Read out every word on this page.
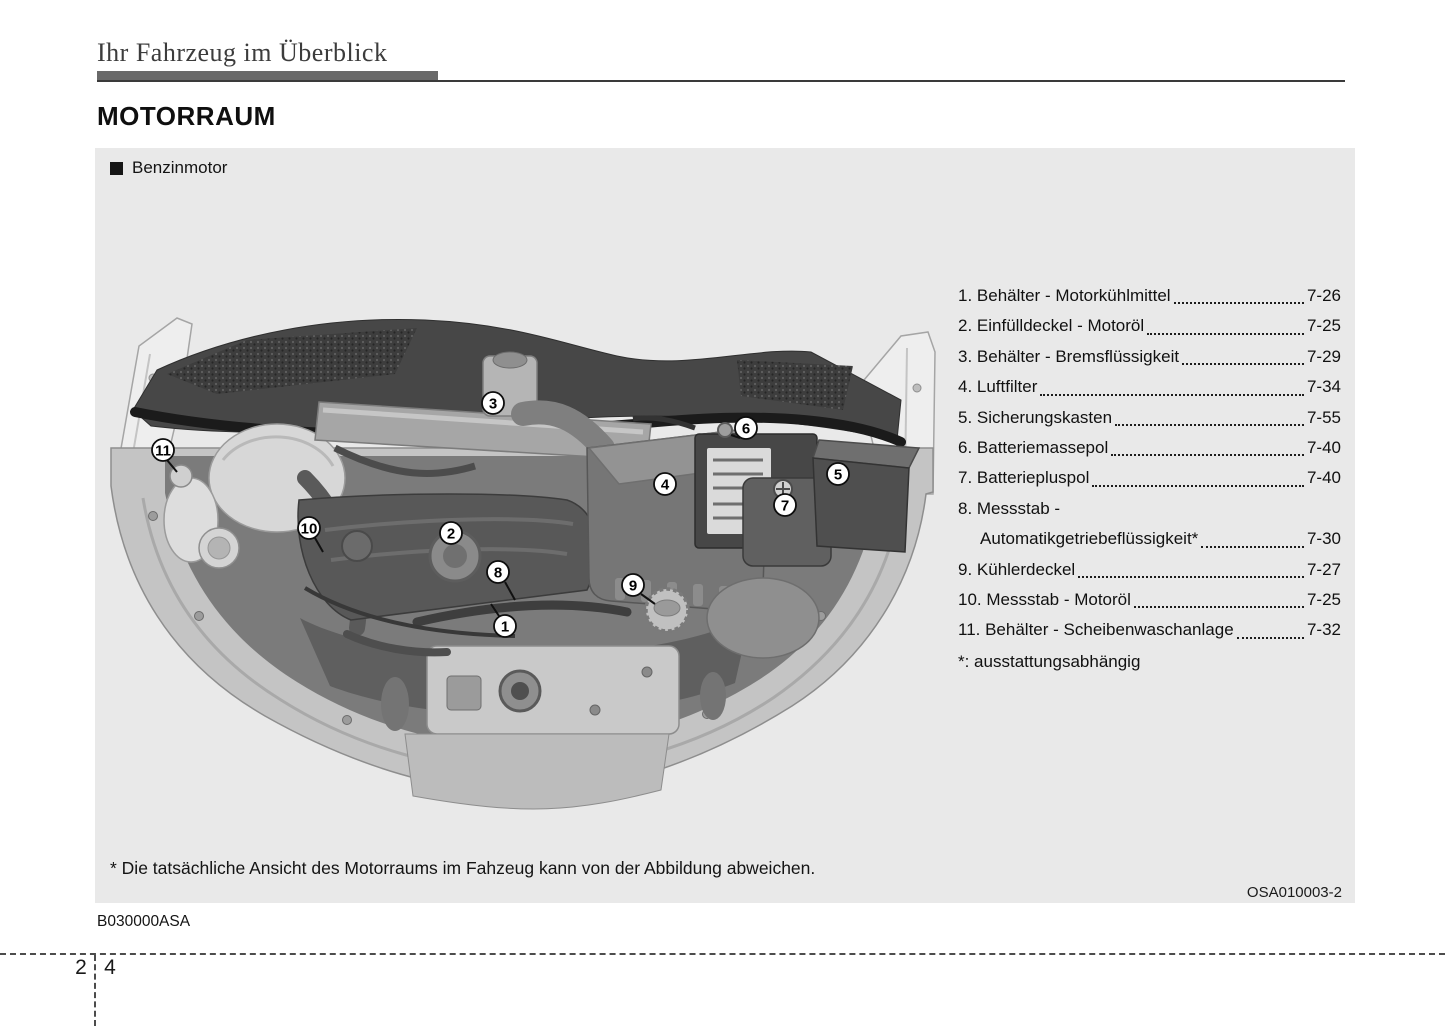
Ihr Fahrzeug im Überblick
MOTORRAUM
1
2
3
4
5
6
7
8
9
10
11
Benzinmotor
1. Behälter - Motorkühlmittel	7-26
2. Einfülldeckel - Motoröl	7-25
3. Behälter - Bremsflüssigkeit	7-29
4. Luftfilter	7-34
5. Sicherungskasten	7-55
6. Batteriemassepol	7-40
7. Batteriepluspol	7-40
8. Messstab -
Automatikgetriebeflüssigkeit*	7-30
9. Kühlerdeckel	7-27
10. Messstab - Motoröl	7-25
11. Behälter - Scheibenwaschanlage	7-32
*: ausstattungsabhängig
* Die tatsächliche Ansicht des Motorraums im Fahzeug kann von der Abbildung abweichen.
OSA010003-2
B030000ASA
2 4
